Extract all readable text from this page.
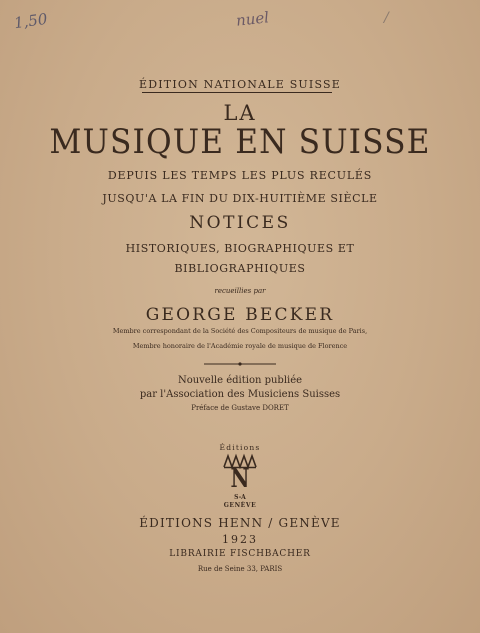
1,50	nuel	/
ÉDITION NATIONALE SUISSE
LA
MUSIQUE EN SUISSE
DEPUIS LES TEMPS LES PLUS RECULÉS
JUSQU'A LA FIN DU DIX-HUITIÈME SIÈCLE
NOTICES
HISTORIQUES, BIOGRAPHIQUES ET
BIBLIOGRAPHIQUES
recueillies par
GEORGE BECKER
Membre correspondant de la Société des Compositeurs de musique de Paris,
Membre honoraire de l'Académie royale de musique de Florence
Nouvelle édition publiée
par l'Association des Musiciens Suisses
Préface de Gustave DORET
Éditions
N
S-A
GENÈVE
ÉDITIONS HENN / GENÈVE
1923
LIBRAIRIE FISCHBACHER
Rue de Seine 33, PARIS
